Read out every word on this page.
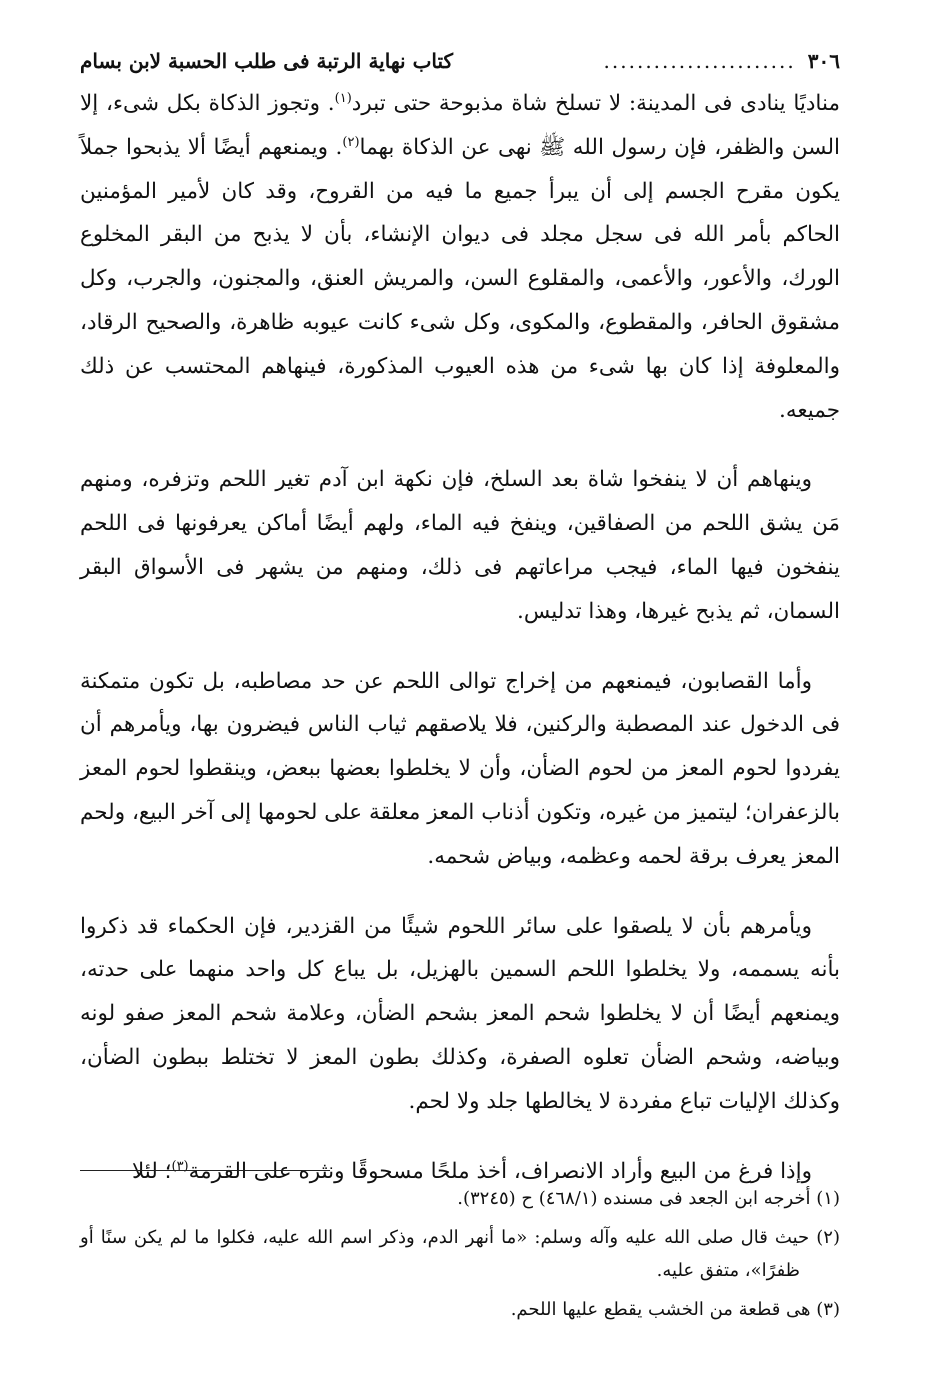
٣٠٦
.......................
كتاب نهاية الرتبة فى طلب الحسبة لابن بسام

مناديًا ينادى فى المدينة: لا تسلخ شاة مذبوحة حتى تبرد$^{(١)}$. وتجوز الذكاة بكل شىء، إلا السن والظفر، فإن رسول الله ﷺ نهى عن الذكاة بهما$^{(٢)}$. ويمنعهم أيضًا ألا يذبحوا جملاً يكون مقرح الجسم إلى أن يبرأ جميع ما فيه من القروح، وقد كان لأمير المؤمنين الحاكم بأمر الله فى سجل مجلد فى ديوان الإنشاء، بأن لا يذبح من البقر المخلوع الورك، والأعور، والأعمى، والمقلوع السن، والمريش العنق، والمجنون، والجرب، وكل مشقوق الحافر، والمقطوع، والمكوى، وكل شىء كانت عيوبه ظاهرة، والصحيح الرقاد، والمعلوفة إذا كان بها شىء من هذه العيوب المذكورة، فينهاهم المحتسب عن ذلك جميعه.

وينهاهم أن لا ينفخوا شاة بعد السلخ، فإن نكهة ابن آدم تغير اللحم وتزفره، ومنهم مَن يشق اللحم من الصفاقين، وينفخ فيه الماء، ولهم أيضًا أماكن يعرفونها فى اللحم ينفخون فيها الماء، فيجب مراعاتهم فى ذلك، ومنهم من يشهر فى الأسواق البقر السمان، ثم يذبح غيرها، وهذا تدليس.

وأما القصابون، فيمنعهم من إخراج توالى اللحم عن حد مصاطبه، بل تكون متمكنة فى الدخول عند المصطبة والركنين، فلا يلاصقهم ثياب الناس فيضرون بها، ويأمرهم أن يفردوا لحوم المعز من لحوم الضأن، وأن لا يخلطوا بعضها ببعض، وينقطوا لحوم المعز بالزعفران؛ ليتميز من غيره، وتكون أذناب المعز معلقة على لحومها إلى آخر البيع، ولحم المعز يعرف برقة لحمه وعظمه، وبياض شحمه.

ويأمرهم بأن لا يلصقوا على سائر اللحوم شيئًا من القزدير، فإن الحكماء قد ذكروا بأنه يسممه، ولا يخلطوا اللحم السمين بالهزيل، بل يباع كل واحد منهما على حدته، ويمنعهم أيضًا أن لا يخلطوا شحم المعز بشحم الضأن، وعلامة شحم المعز صفو لونه وبياضه، وشحم الضأن تعلوه الصفرة، وكذلك بطون المعز لا تختلط ببطون الضأن، وكذلك الإليات تباع مفردة لا يخالطها جلد ولا لحم.

وإذا فرغ من البيع وأراد الانصراف، أخذ ملحًا مسحوقًا ونثره على القرمة$^{(٣)}$؛ لئلا

(١) أخرجه ابن الجعد فى مسنده (٤٦٨/١) ح (٣٢٤٥).

(٢) حيث قال صلى الله عليه وآله وسلم: «ما أنهر الدم، وذكر اسم الله عليه، فكلوا ما لم يكن سنًا أو ظفرًا»، متفق عليه.

(٣) هى قطعة من الخشب يقطع عليها اللحم.
